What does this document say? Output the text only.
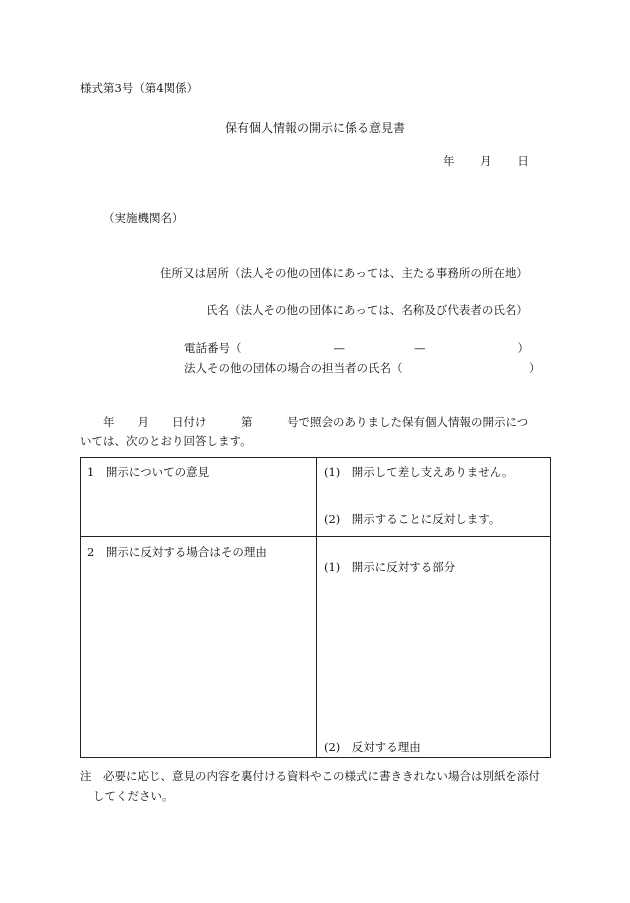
様式第3号（第4関係）
保有個人情報の開示に係る意見書
年 月 日
（実施機関名）
住所又は居所（法人その他の団体にあっては、主たる事務所の所在地）
氏名（法人その他の団体にあっては、名称及び代表者の氏名）
電話番号（　　　　　　　　—　　　　　　—　　　　　　　　）
法人その他の団体の場合の担当者の氏名（　　　　　　　　　　　）
　　年　　月　　日付け　　　第　　　号で照会のありました保有個人情報の開示につ
いては、次のとおり回答します。
1　開示についての意見	(1)　開示して差し支えありません。
(2)　開示することに反対します。
2　開示に反対する場合はその理由
(1)　開示に反対する部分
(2)　反対する理由
注　必要に応じ、意見の内容を裏付ける資料やこの様式に書ききれない場合は別紙を添付
してください。
